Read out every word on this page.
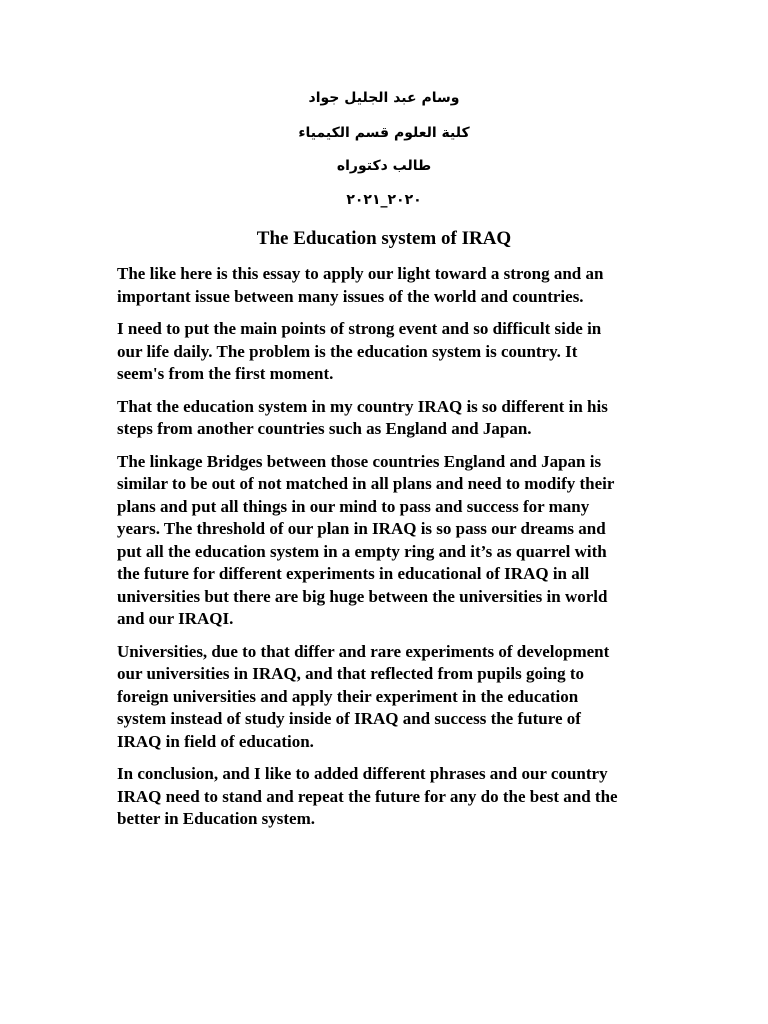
وسام عبد الجليل جواد
كلية العلوم قسم الكيمياء
طالب دكتوراه
٢٠٢٠_٢٠٢١
The Education system of IRAQ

The like here is this essay to apply our light toward a strong and an
important issue between many issues of the world and countries.

I need to put the main points of strong event and so difficult side in
our life daily. The problem is the education system is country. It
seem's from the first moment.

That the education system in my country IRAQ is so different in his
steps from another countries such as England and Japan.

The linkage Bridges between those countries England and Japan is
similar to be out of not matched in all plans and need to modify their
plans and put all things in our mind to pass and success for many
years. The threshold of our plan in IRAQ is so pass our dreams and
put all the education system in a empty ring and it’s as quarrel with
the future for different experiments in educational of IRAQ in all
universities but there are big huge between the universities in world
and our IRAQI.

Universities, due to that differ and rare experiments of development
our universities in IRAQ, and that reflected from pupils going to
foreign universities and apply their experiment in the education
system instead of study inside of IRAQ and success the future of
IRAQ in field of education.

In conclusion, and I like to added different phrases and our country
IRAQ need to stand and repeat the future for any do the best and the
better in Education system.
